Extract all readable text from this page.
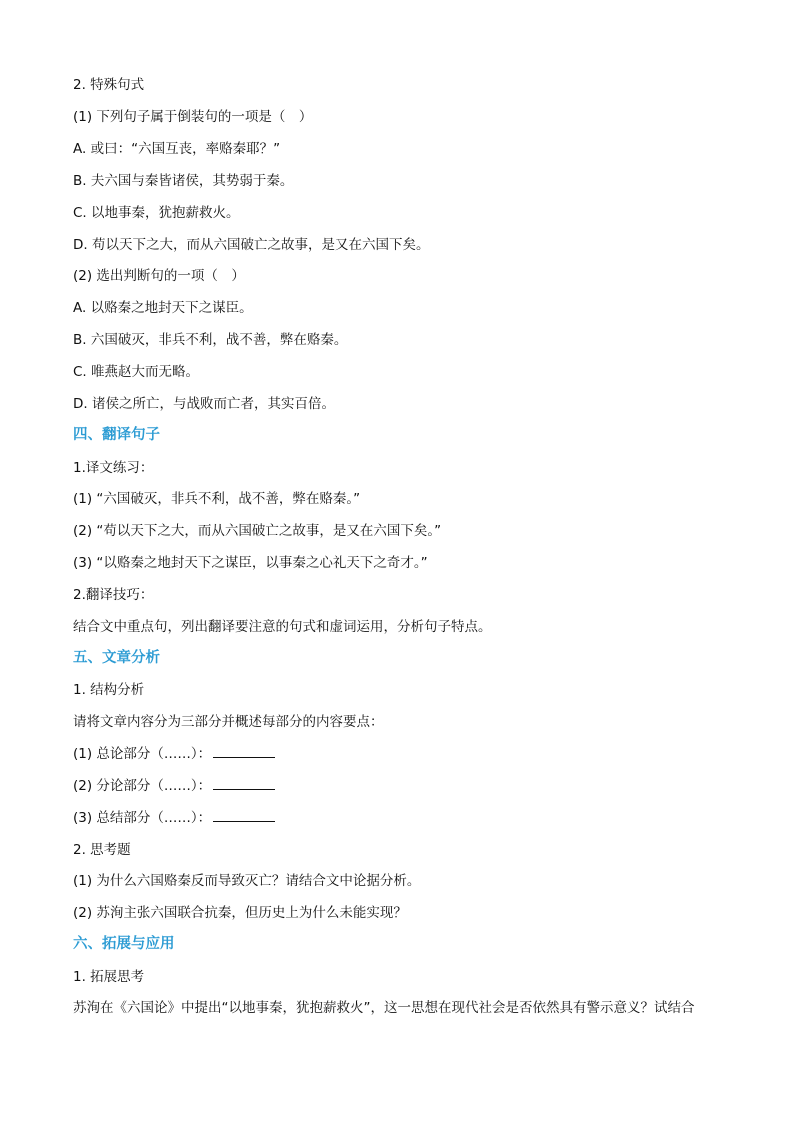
2. 特殊句式
(1) 下列句子属于倒装句的一项是（　）
A. 或曰：“六国互丧，率赂秦耶？”
B. 夫六国与秦皆诸侯，其势弱于秦。
C. 以地事秦，犹抱薪救火。
D. 苟以天下之大，而从六国破亡之故事，是又在六国下矣。
(2) 选出判断句的一项（　）
A. 以赂秦之地封天下之谋臣。
B. 六国破灭，非兵不利，战不善，弊在赂秦。
C. 唯燕赵大而无略。
D. 诸侯之所亡，与战败而亡者，其实百倍。
四、翻译句子
1.译文练习：
(1) “六国破灭，非兵不利，战不善，弊在赂秦。”
(2) “苟以天下之大，而从六国破亡之故事，是又在六国下矣。”
(3) “以赂秦之地封天下之谋臣，以事秦之心礼天下之奇才。”
2.翻译技巧：
结合文中重点句，列出翻译要注意的句式和虚词运用，分析句子特点。
五、文章分析
1. 结构分析
请将文章内容分为三部分并概述每部分的内容要点：
(1) 总论部分（……）：
(2) 分论部分（……）：
(3) 总结部分（……）：
2. 思考题
(1) 为什么六国赂秦反而导致灭亡？请结合文中论据分析。
(2) 苏洵主张六国联合抗秦，但历史上为什么未能实现？
六、拓展与应用
1. 拓展思考
苏洵在《六国论》中提出“以地事秦，犹抱薪救火”，这一思想在现代社会是否依然具有警示意义？试结合
